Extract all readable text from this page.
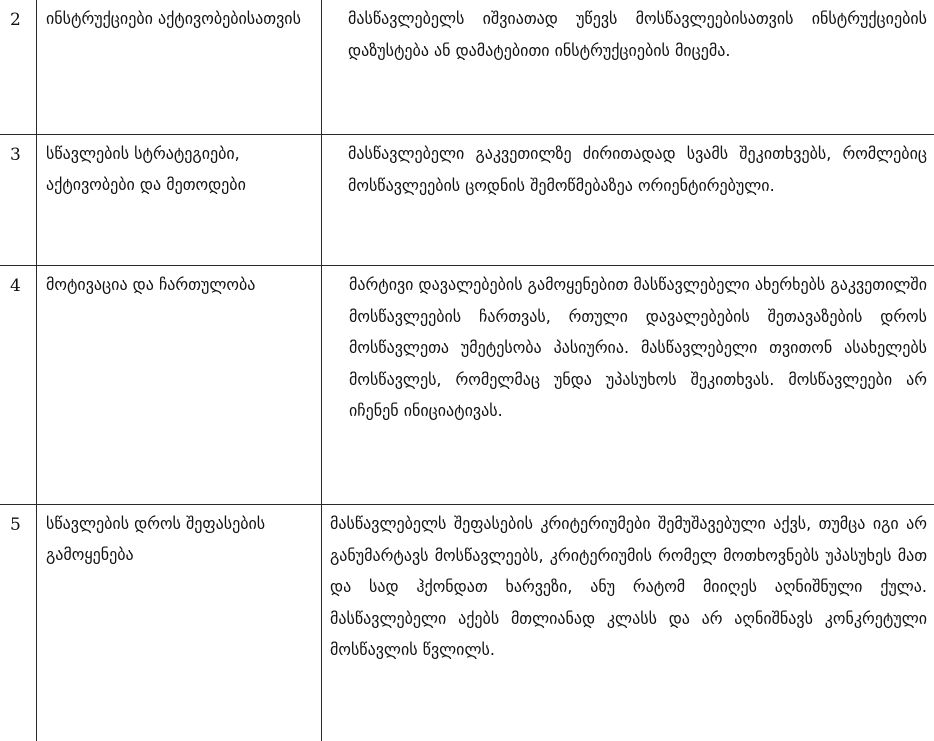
2	ინსტრუქციები აქტივობებისათვის	მასწავლებელს იშვიათად უწევს მოსწავლეებისათვის ინსტრუქციების დაზუსტება ან დამატებითი ინსტრუქციების მიცემა.
3	სწავლების სტრატეგიები, აქტივობები და მეთოდები	მასწავლებელი გაკვეთილზე ძირითადად სვამს შეკითხვებს, რომლებიც მოსწავლეების ცოდნის შემოწმებაზეა ორიენტირებული.
4	მოტივაცია და ჩართულობა	მარტივი დავალებების გამოყენებით მასწავლებელი ახერხებს გაკვეთილში მოსწავლეების ჩართვას, რთული დავალებების შეთავაზების დროს მოსწავლეთა უმეტესობა პასიურია. მასწავლებელი თვითონ ასახელებს მოსწავლეს, რომელმაც უნდა უპასუხოს შეკითხვას. მოსწავლეები არ იჩენენ ინიციატივას.
5	სწავლების დროს შეფასების გამოყენება	მასწავლებელს შეფასების კრიტერიუმები შემუშავებული აქვს, თუმცა იგი არ განუმარტავს მოსწავლეებს, კრიტერიუმის რომელ მოთხოვნებს უპასუხეს მათ და სად ჰქონდათ ხარვეზი, ანუ რატომ მიიღეს აღნიშნული ქულა. მასწავლებელი აქებს მთლიანად კლასს და არ აღნიშნავს კონკრეტული მოსწავლის წვლილს.
